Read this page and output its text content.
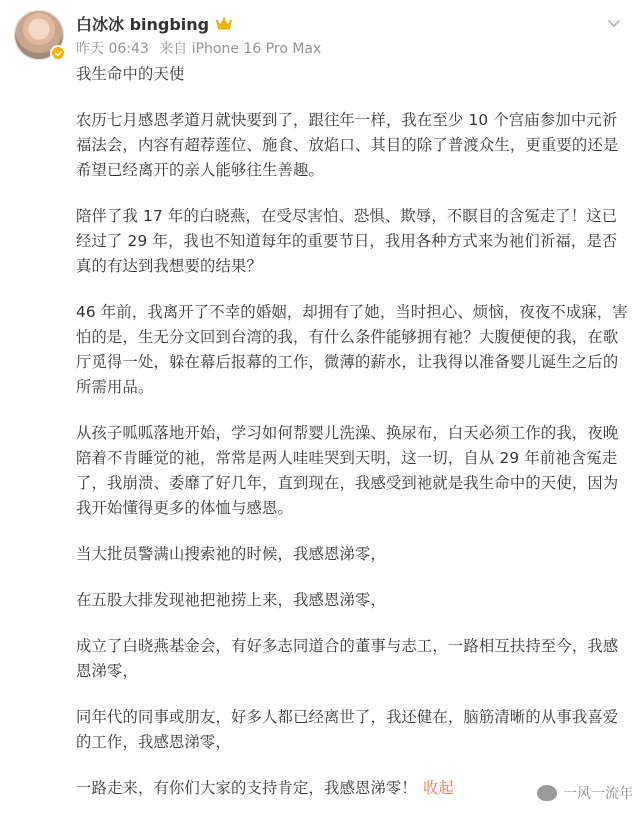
白冰冰 bingbing
昨天 06:43 来自 iPhone 16 Pro Max

我生命中的天使

农历七月感恩孝道月就快要到了，跟往年一样，我在至少 10 个宫庙参加中元祈福法会，内容有超荐莲位、施食、放焰口、其目的除了普渡众生，更重要的还是希望已经离开的亲人能够往生善趣。

陪伴了我 17 年的白晓燕，在受尽害怕、恐惧、欺辱，不瞑目的含冤走了！这已经过了 29 年，我也不知道每年的重要节日，我用各种方式来为祂们祈福，是否真的有达到我想要的结果？

46 年前，我离开了不幸的婚姻，却拥有了她，当时担心、烦恼，夜夜不成寐，害怕的是，生无分文回到台湾的我，有什么条件能够拥有祂？大腹便便的我，在歌厅觅得一处，躲在幕后报幕的工作，微薄的薪水，让我得以准备婴儿诞生之后的所需用品。

从孩子呱呱落地开始，学习如何帮婴儿洗澡、换尿布，白天必须工作的我，夜晚陪着不肯睡觉的祂，常常是两人哇哇哭到天明，这一切，自从 29 年前祂含冤走了，我崩溃、委靡了好几年，直到现在，我感受到祂就是我生命中的天使，因为我开始懂得更多的体恤与感恩。

当大批员警满山搜索祂的时候，我感恩涕零，

在五股大排发现祂把祂捞上来，我感恩涕零，

成立了白晓燕基金会，有好多志同道合的董事与志工，一路相互扶持至今，我感恩涕零，

同年代的同事或朋友，好多人都已经离世了，我还健在，脑筋清晰的从事我喜爱的工作，我感恩涕零，

一路走来，有你们大家的支持肯定，我感恩涕零！ 收起	一风一流年
